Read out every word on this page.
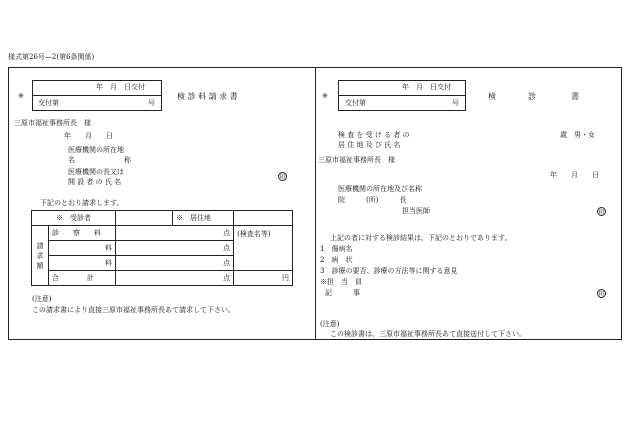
様式第26号—2(第6条関係)
※
年　月　日交付
交付第	号
検 診 料 請 求 書
三原市福祉事務所長　様
年　　月　　日
医療機関の所在地
名　　　　　　　称
医療機関の長又は
開 設 者 の 氏 名
印
下記のとおり請求します。
※　受診者			※　居住地	
請求額	診　　察　　料	点		(検査名等)
	料	点		
	料	点		
	合　　　　計	点		円
(注意)
この請求書により直接三原市福祉事務所長あて請求して下さい。
※
年　月　日交付
交付第	号
検	診	書
検 査 を 受 け る 者 の
居 住 地 及 び 氏 名
歳　男・女
三原市福祉事務所長　様
年　　月　　日
医療機関の所在地及び名称
院　　　(所)　　　長
担当医師	印
上記の者に対する検診結果は、下記のとおりであります。
1　傷病名
2　病　状
3　診療の要否、診療の方法等に関する意見
※担　当　員
記　　　事	印
(注意)
この検診書は、三原市福祉事務所長あて直接送付して下さい。
